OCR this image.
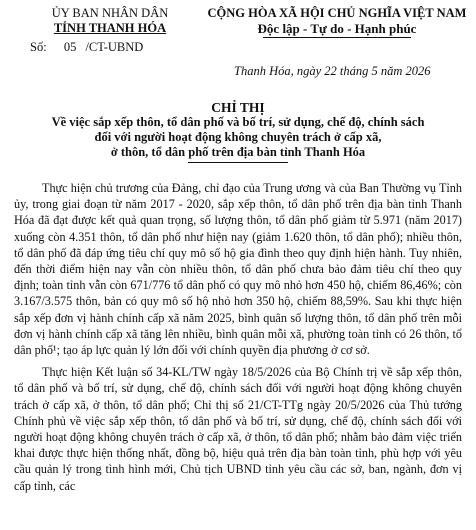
ỦY BAN NHÂN DÂN
TỈNH THANH HÓA
CỘNG HÒA XÃ HỘI CHỦ NGHĨA VIỆT NAM
Độc lập - Tự do - Hạnh phúc
Số: 05 /CT-UBND
Thanh Hóa, ngày 22 tháng 5 năm 2026
CHỈ THỊ
Về việc sắp xếp thôn, tổ dân phố và bố trí, sử dụng, chế độ, chính sách
đối với người hoạt động không chuyên trách ở cấp xã,
ở thôn, tổ dân phố trên địa bàn tỉnh Thanh Hóa

Thực hiện chủ trương của Đảng, chỉ đạo của Trung ương và của Ban Thường vụ Tỉnh ủy, trong giai đoạn từ năm 2017 - 2020, sắp xếp thôn, tổ dân phố trên địa bàn tỉnh Thanh Hóa đã đạt được kết quả quan trọng, số lượng thôn, tổ dân phố giảm từ 5.971 (năm 2017) xuống còn 4.351 thôn, tổ dân phố như hiện nay (giảm 1.620 thôn, tổ dân phố); nhiều thôn, tổ dân phố đã đáp ứng tiêu chí quy mô số hộ gia đình theo quy định hiện hành. Tuy nhiên, đến thời điểm hiện nay vẫn còn nhiều thôn, tổ dân phố chưa bảo đảm tiêu chí theo quy định; toàn tỉnh vẫn còn 671/776 tổ dân phố có quy mô nhỏ hơn 450 hộ, chiếm 86,46%; còn 3.167/3.575 thôn, bản có quy mô số hộ nhỏ hơn 350 hộ, chiếm 88,59%. Sau khi thực hiện sắp xếp đơn vị hành chính cấp xã năm 2025, bình quân số lượng thôn, tổ dân phố trên mỗi đơn vị hành chính cấp xã tăng lên nhiều, bình quân mỗi xã, phường toàn tỉnh có 26 thôn, tổ dân phố¹; tạo áp lực quản lý lớn đối với chính quyền địa phương ở cơ sở.

Thực hiện Kết luận số 34-KL/TW ngày 18/5/2026 của Bộ Chính trị về sắp xếp thôn, tổ dân phố và bố trí, sử dụng, chế độ, chính sách đối với người hoạt động không chuyên trách ở cấp xã, ở thôn, tổ dân phố; Chỉ thị số 21/CT-TTg ngày 20/5/2026 của Thủ tướng Chính phủ về việc sắp xếp thôn, tổ dân phố và bố trí, sử dụng, chế độ, chính sách đối với người hoạt động không chuyên trách ở cấp xã, ở thôn, tổ dân phố; nhằm bảo đảm việc triển khai được thực hiện thống nhất, đồng bộ, hiệu quả trên địa bàn toàn tỉnh, phù hợp với yêu cầu quản lý trong tình hình mới, Chủ tịch UBND tỉnh yêu cầu các sở, ban, ngành, đơn vị cấp tỉnh, các
